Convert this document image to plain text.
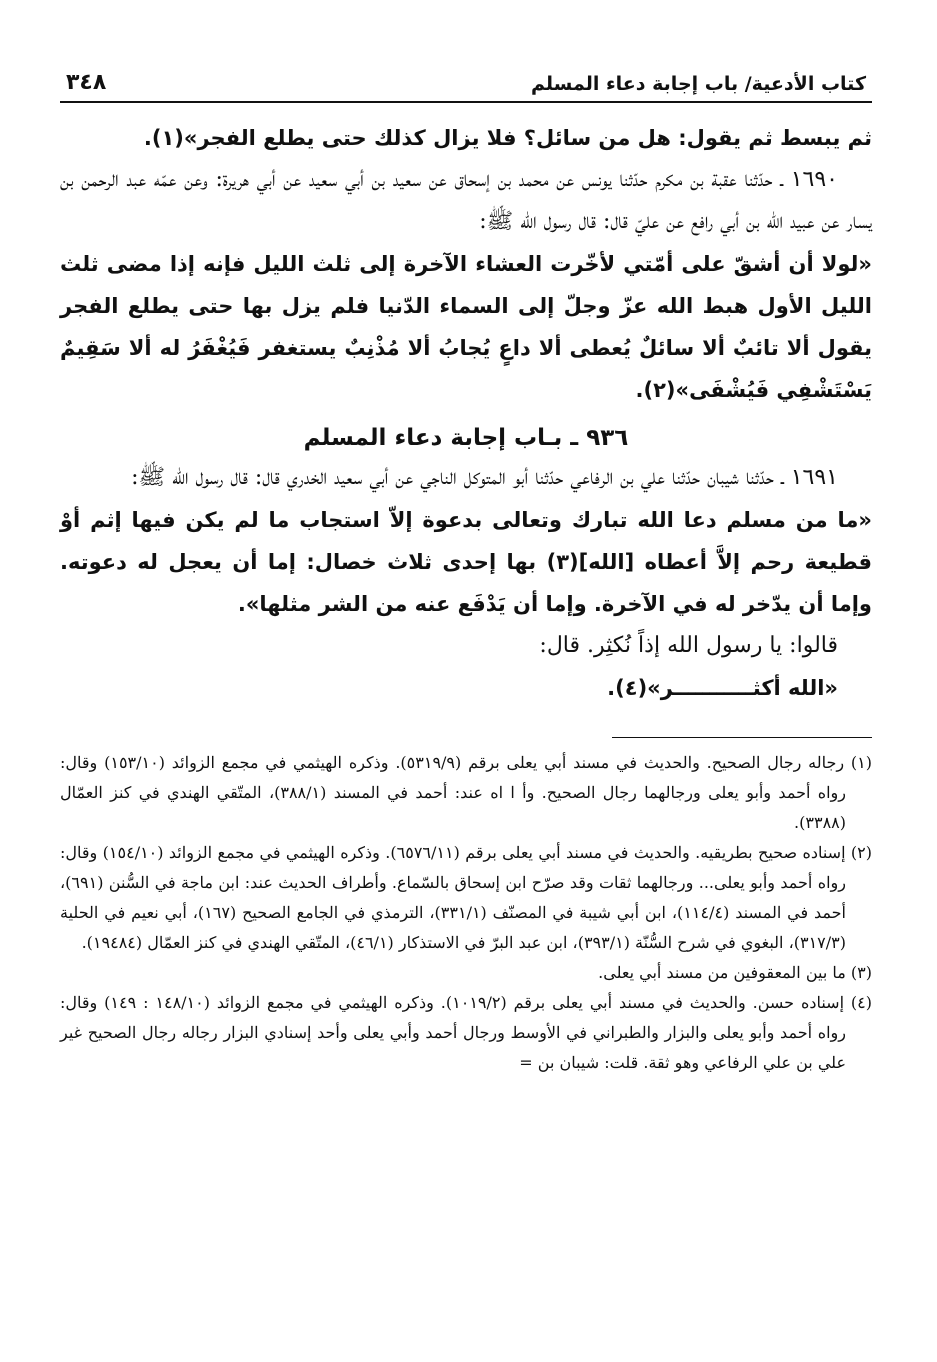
كتاب الأدعية/ باب إجابة دعاء المسلم
٣٤٨

ثم يبسط ثم يقول: هل من سائل؟ فلا يزال كذلك حتى يطلع الفجر»(١).

١٦٩٠ ـ حدّثنا عقبة بن مكرم حدّثنا يونس عن محمد بن إسحاق عن سعيد بن أبي سعيد عن أبي هريرة: وعن عمّه عبد الرحمن بن يسار عن عبيد الله بن أبي رافع عن عليّ قال: قال رسول الله ﷺ:

«لولا أن أشقّ على أمّتي لأخّرت العشاء الآخرة إلى ثلث الليل فإنه إذا مضى ثلث الليل الأول هبط الله عزّ وجلّ إلى السماء الدّنيا فلم يزل بها حتى يطلع الفجر يقول ألا تائبٌ ألا سائلٌ يُعطى ألا داعٍ يُجابُ ألا مُذْنِبٌ يستغفر فَيُغْفَرُ له ألا سَقِيمٌ يَسْتَشْفِي فَيُشْفَى»(٢).

٩٣٦ ـ بـاب إجابة دعاء المسلم

١٦٩١ ـ حدّثنا شيبان حدّثنا علي بن الرفاعي حدّثنا أبو المتوكل الناجي عن أبي سعيد الخدري قال: قال رسول الله ﷺ:

«ما من مسلم دعا الله تبارك وتعالى بدعوة إلاّ استجاب ما لم يكن فيها إثم أوْ قطيعة رحم إلاَّ أعطاه [الله](٣) بها إحدى ثلاث خصال: إما أن يعجل له دعوته. وإما أن يدّخر له في الآخرة. وإما أن يَدْفَع عنه من الشر مثلها».

قالوا: يا رسول الله إذاً نُكثِر. قال:

«الله أكثـــــــــــر»(٤).

(١) رجاله رجال الصحيح. والحديث في مسند أبي يعلى برقم (٥٣١٩/٩). وذكره الهيثمي في مجمع الزوائد (١٥٣/١٠) وقال: رواه أحمد وأبو يعلى ورجالهما رجال الصحيح. وأ ا اه عند: أحمد في المسند (٣٨٨/١)، المتّقي الهندي في كنز العمّال (٣٣٨٨).

(٢) إسناده صحيح بطريقيه. والحديث في مسند أبي يعلى برقم (٦٥٧٦/١١). وذكره الهيثمي في مجمع الزوائد (١٥٤/١٠) وقال: رواه أحمد وأبو يعلى... ورجالهما ثقات وقد صرّح ابن إسحاق بالسّماع. وأطراف الحديث عند: ابن ماجة في السُّنن (٦٩١)، أحمد في المسند (١١٤/٤)، ابن أبي شيبة في المصنّف (٣٣١/١)، الترمذي في الجامع الصحيح (١٦٧)، أبي نعيم في الحلية (٣١٧/٣)، البغوي في شرح السُّنّة (٣٩٣/١)، ابن عبد البرّ في الاستذكار (٤٦/١)، المتّقي الهندي في كنز العمّال (١٩٤٨٤).

(٣) ما بين المعقوفين من مسند أبي يعلى.

(٤) إسناده حسن. والحديث في مسند أبي يعلى برقم (١٠١٩/٢). وذكره الهيثمي في مجمع الزوائد (١٤٨/١٠ : ١٤٩) وقال: رواه أحمد وأبو يعلى والبزار والطبراني في الأوسط ورجال أحمد وأبي يعلى وأحد إسنادي البزار رجاله رجال الصحيح غير علي بن علي الرفاعي وهو ثقة. قلت: شيبان بن =
